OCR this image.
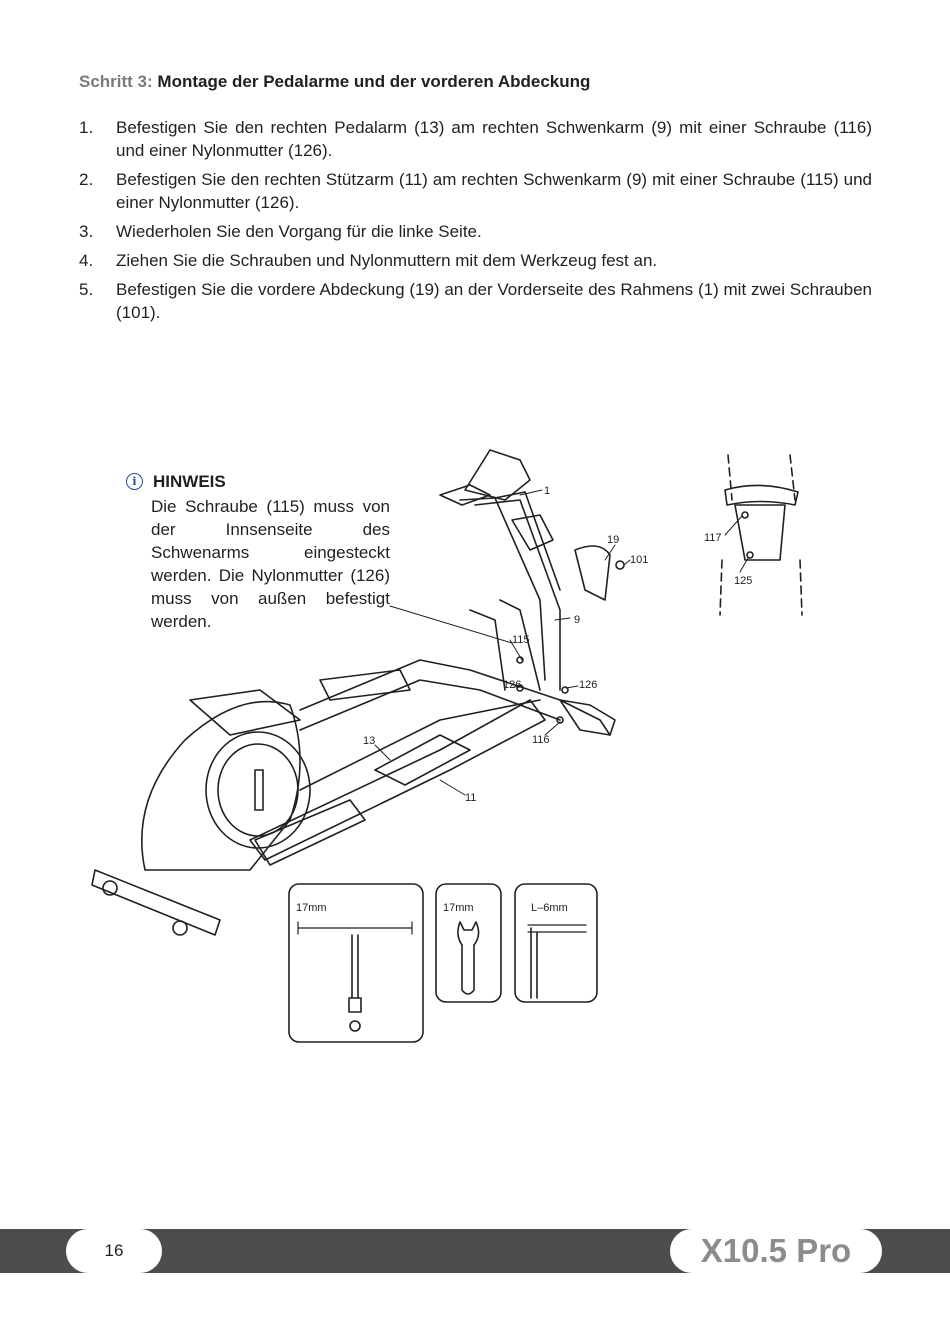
Schritt 3: Montage der Pedalarme und der vorderen Abdeckung
1. Befestigen Sie den rechten Pedalarm (13) am rechten Schwenkarm (9) mit einer Schraube (116) und einer Nylonmutter (126).
2. Befestigen Sie den rechten Stützarm (11) am rechten Schwenkarm (9) mit einer Schraube (115) und einer Nylonmutter (126).
3. Wiederholen Sie den Vorgang für die linke Seite.
4. Ziehen Sie die Schrauben und Nylonmuttern mit dem Werkzeug fest an.
5. Befestigen Sie die vordere Abdeckung (19) an der Vorderseite des Rahmens (1) mit zwei Schrauben (101).
i HINWEIS
Die Schraube (115) muss von der Innsenseite des Schwenarms eingesteckt werden. Die Nylonmutter (126) muss von außen befestigt werden.
1
19
101
9
115
126	126
116
13
11
117
125
17mm	17mm	L–6mm
16	X10.5 Pro
